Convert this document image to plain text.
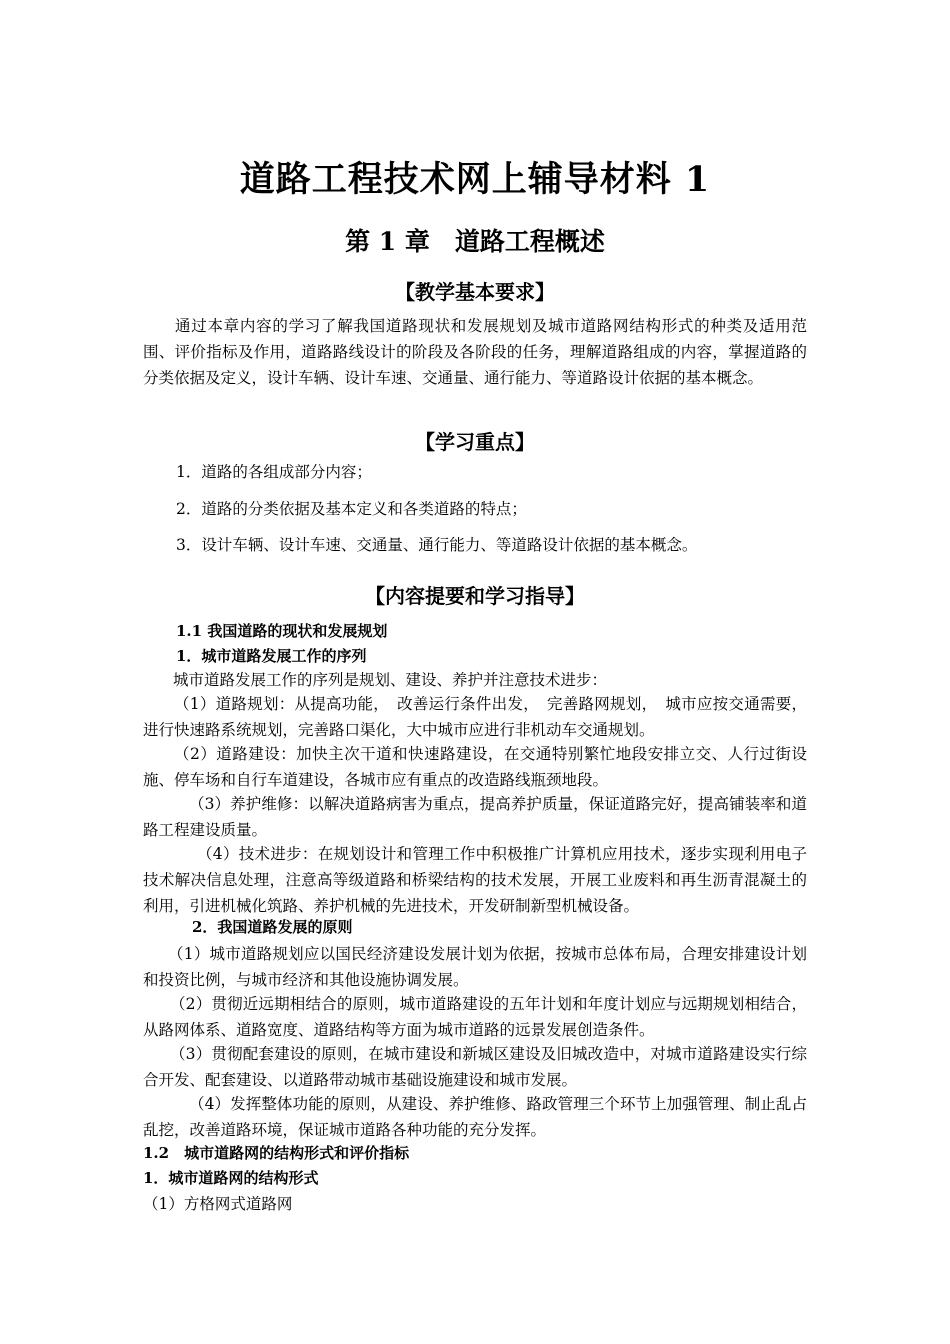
道路工程技术网上辅导材料 1
第 1 章　道路工程概述
【教学基本要求】
通过本章内容的学习了解我国道路现状和发展规划及城市道路网结构形式的种类及适用范围、评价指标及作用，道路路线设计的阶段及各阶段的任务，理解道路组成的内容，掌握道路的分类依据及定义，设计车辆、设计车速、交通量、通行能力、等道路设计依据的基本概念。
【学习重点】
1．道路的各组成部分内容；
2．道路的分类依据及基本定义和各类道路的特点；
3．设计车辆、设计车速、交通量、通行能力、等道路设计依据的基本概念。
【内容提要和学习指导】
1.1 我国道路的现状和发展规划
1．城市道路发展工作的序列
城市道路发展工作的序列是规划、建设、养护并注意技术进步：
（1）道路规划：从提高功能，　改善运行条件出发，　完善路网规划，　城市应按交通需要，进行快速路系统规划，完善路口渠化，大中城市应进行非机动车交通规划。
（2）道路建设：加快主次干道和快速路建设，在交通特别繁忙地段安排立交、人行过街设施、停车场和自行车道建设，各城市应有重点的改造路线瓶颈地段。
（3）养护维修：以解决道路病害为重点，提高养护质量，保证道路完好，提高铺装率和道路工程建设质量。
（4）技术进步：在规划设计和管理工作中积极推广计算机应用技术，逐步实现利用电子技术解决信息处理，注意高等级道路和桥梁结构的技术发展，开展工业废料和再生沥青混凝土的利用，引进机械化筑路、养护机械的先进技术，开发研制新型机械设备。
2．我国道路发展的原则
（1）城市道路规划应以国民经济建设发展计划为依据，按城市总体布局，合理安排建设计划和投资比例，与城市经济和其他设施协调发展。
（2）贯彻近远期相结合的原则，城市道路建设的五年计划和年度计划应与远期规划相结合，从路网体系、道路宽度、道路结构等方面为城市道路的远景发展创造条件。
（3）贯彻配套建设的原则，在城市建设和新城区建设及旧城改造中，对城市道路建设实行综合开发、配套建设、以道路带动城市基础设施建设和城市发展。
（4）发挥整体功能的原则，从建设、养护维修、路政管理三个环节上加强管理、制止乱占乱挖，改善道路环境，保证城市道路各种功能的充分发挥。
1.2　城市道路网的结构形式和评价指标
1．城市道路网的结构形式
（1）方格网式道路网
